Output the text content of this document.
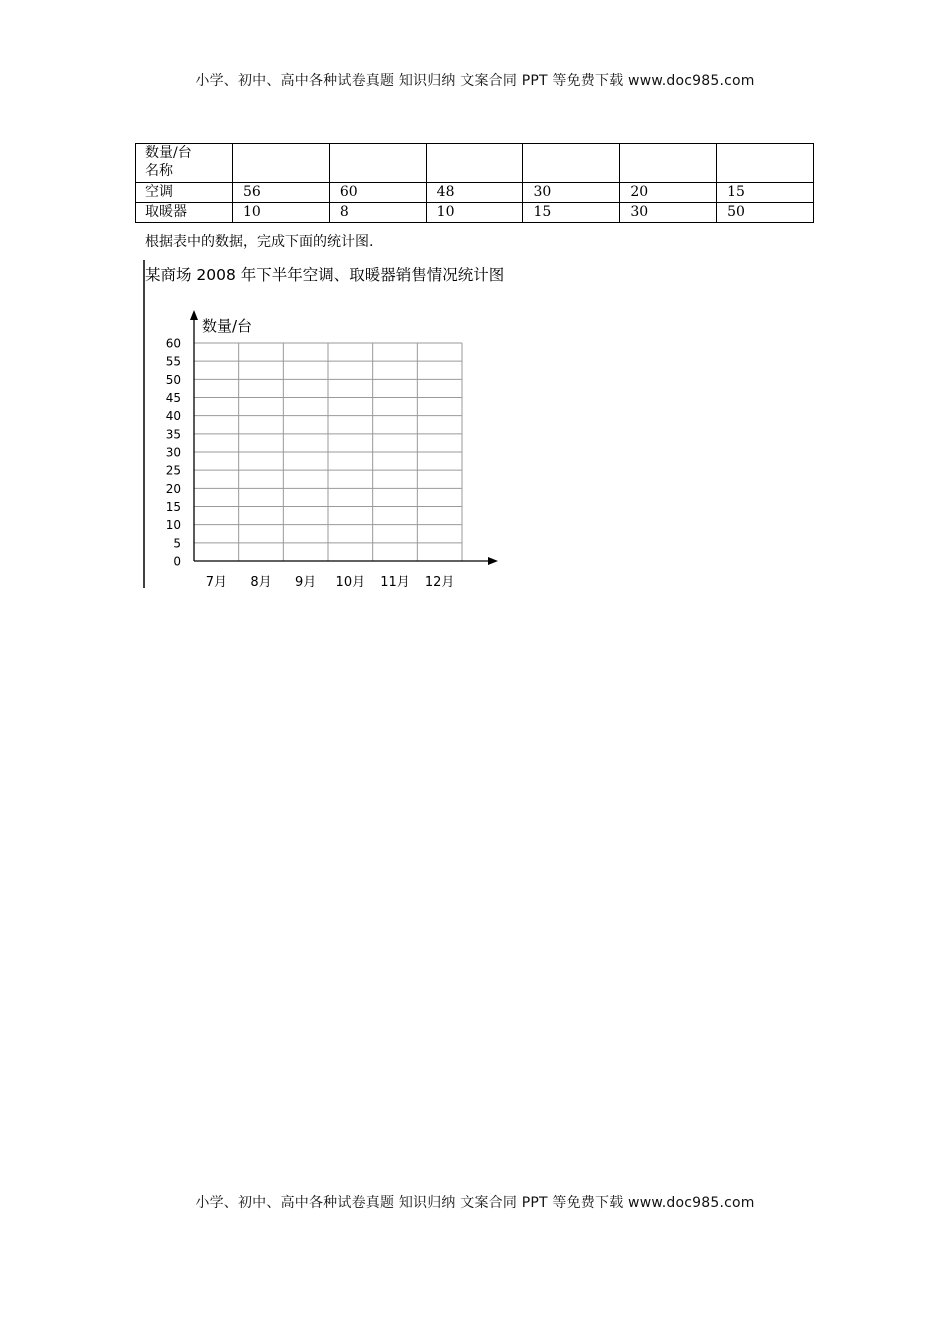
小学、初中、高中各种试卷真题 知识归纳 文案合同 PPT 等免费下载 www.doc985.com
数量/台
名称						

空调	56	60	48	30	20	15
取暖器	10	8	10	15	30	50
根据表中的数据，完成下面的统计图.
某商场 2008 年下半年空调、取暖器销售情况统计图
数量/台
60
55
50
45
40
35
30
25
20
15
10
5
0
7月 8月 9月 10月 11月 12月
小学、初中、高中各种试卷真题 知识归纳 文案合同 PPT 等免费下载 www.doc985.com
